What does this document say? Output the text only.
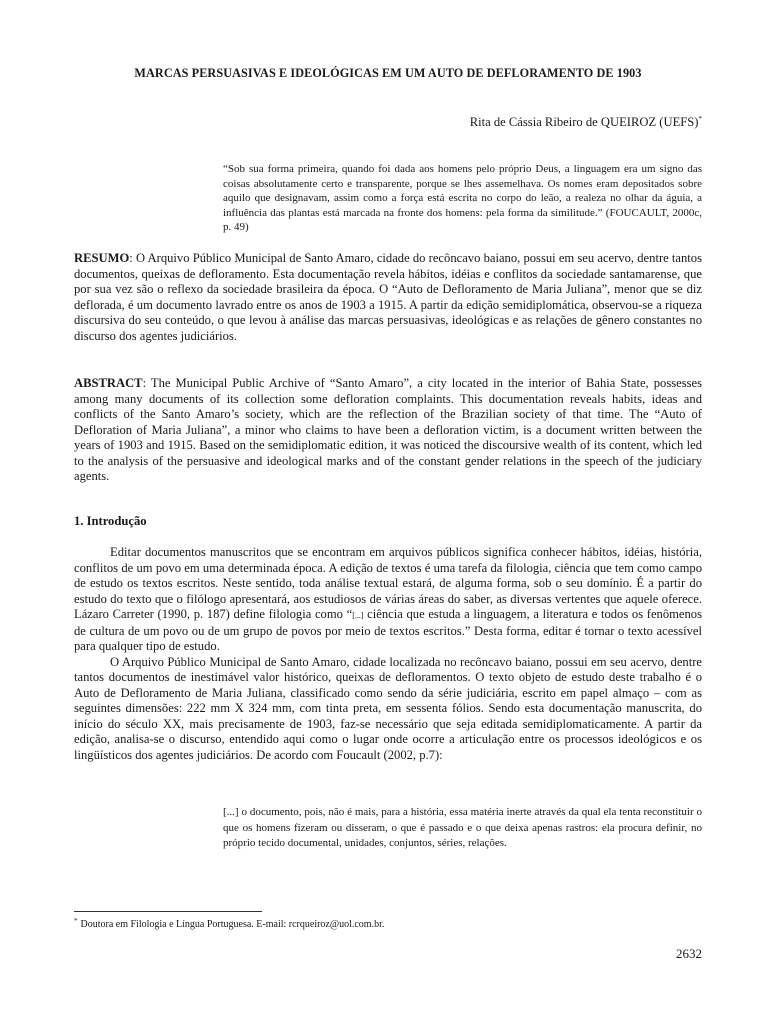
MARCAS PERSUASIVAS E IDEOLÓGICAS EM UM AUTO DE DEFLORAMENTO DE 1903
Rita de Cássia Ribeiro de QUEIROZ (UEFS)*
“Sob sua forma primeira, quando foi dada aos homens pelo próprio Deus, a linguagem era um signo das coisas absolutamente certo e transparente, porque se lhes assemelhava. Os nomes eram depositados sobre aquilo que designavam, assim como a força está escrita no corpo do leão, a realeza no olhar da águia, a influência das plantas está marcada na fronte dos homens: pela forma da similitude.” (FOUCAULT, 2000c, p. 49)
RESUMO: O Arquivo Público Municipal de Santo Amaro, cidade do recôncavo baiano, possui em seu acervo, dentre tantos documentos, queixas de defloramento. Esta documentação revela hábitos, idéias e conflitos da sociedade santamarense, que por sua vez são o reflexo da sociedade brasileira da época. O “Auto de Defloramento de Maria Juliana”, menor que se diz deflorada, é um documento lavrado entre os anos de 1903 a 1915. A partir da edição semidiplomática, observou-se a riqueza discursiva do seu conteúdo, o que levou à análise das marcas persuasivas, ideológicas e as relações de gênero constantes no discurso dos agentes judiciários.
ABSTRACT: The Municipal Public Archive of “Santo Amaro”, a city located in the interior of Bahia State, possesses among many documents of its collection some defloration complaints. This documentation reveals habits, ideas and conflicts of the Santo Amaro’s society, which are the reflection of the Brazilian society of that time. The “Auto of Defloration of Maria Juliana”, a minor who claims to have been a defloration victim, is a document written between the years of 1903 and 1915. Based on the semidiplomatic edition, it was noticed the discoursive wealth of its content, which led to the analysis of the persuasive and ideological marks and of the constant gender relations in the speech of the judiciary agents.
1. Introdução

Editar documentos manuscritos que se encontram em arquivos públicos significa conhecer hábitos, idéias, história, conflitos de um povo em uma determinada época. A edição de textos é uma tarefa da filologia, ciência que tem como campo de estudo os textos escritos. Neste sentido, toda análise textual estará, de alguma forma, sob o seu domínio. É a partir do estudo do texto que o filólogo apresentará, aos estudiosos de várias áreas do saber, as diversas vertentes que aquele oferece. Lázaro Carreter (1990, p. 187) define filologia como “[...] ciência que estuda a linguagem, a literatura e todos os fenômenos de cultura de um povo ou de um grupo de povos por meio de textos escritos.” Desta forma, editar é tornar o texto acessível para qualquer tipo de estudo.

O Arquivo Público Municipal de Santo Amaro, cidade localizada no recôncavo baiano, possui em seu acervo, dentre tantos documentos de inestimável valor histórico, queixas de defloramentos. O texto objeto de estudo deste trabalho é o Auto de Defloramento de Maria Juliana, classificado como sendo da série judiciária, escrito em papel almaço – com as seguintes dimensões: 222 mm X 324 mm, com tinta preta, em sessenta fólios. Sendo esta documentação manuscrita, do início do século XX, mais precisamente de 1903, faz-se necessário que seja editada semidiplomaticamente. A partir da edição, analisa-se o discurso, entendido aqui como o lugar onde ocorre a articulação entre os processos ideológicos e os lingüísticos dos agentes judiciários. De acordo com Foucault (2002, p.7):

[...] o documento, pois, não é mais, para a história, essa matéria inerte através da qual ela tenta reconstituir o que os homens fizeram ou disseram, o que é passado e o que deixa apenas rastros: ela procura definir, no próprio tecido documental, unidades, conjuntos, séries, relações.
* Doutora em Filologia e Língua Portuguesa. E-mail: rcrqueiroz@uol.com.br.
2632
